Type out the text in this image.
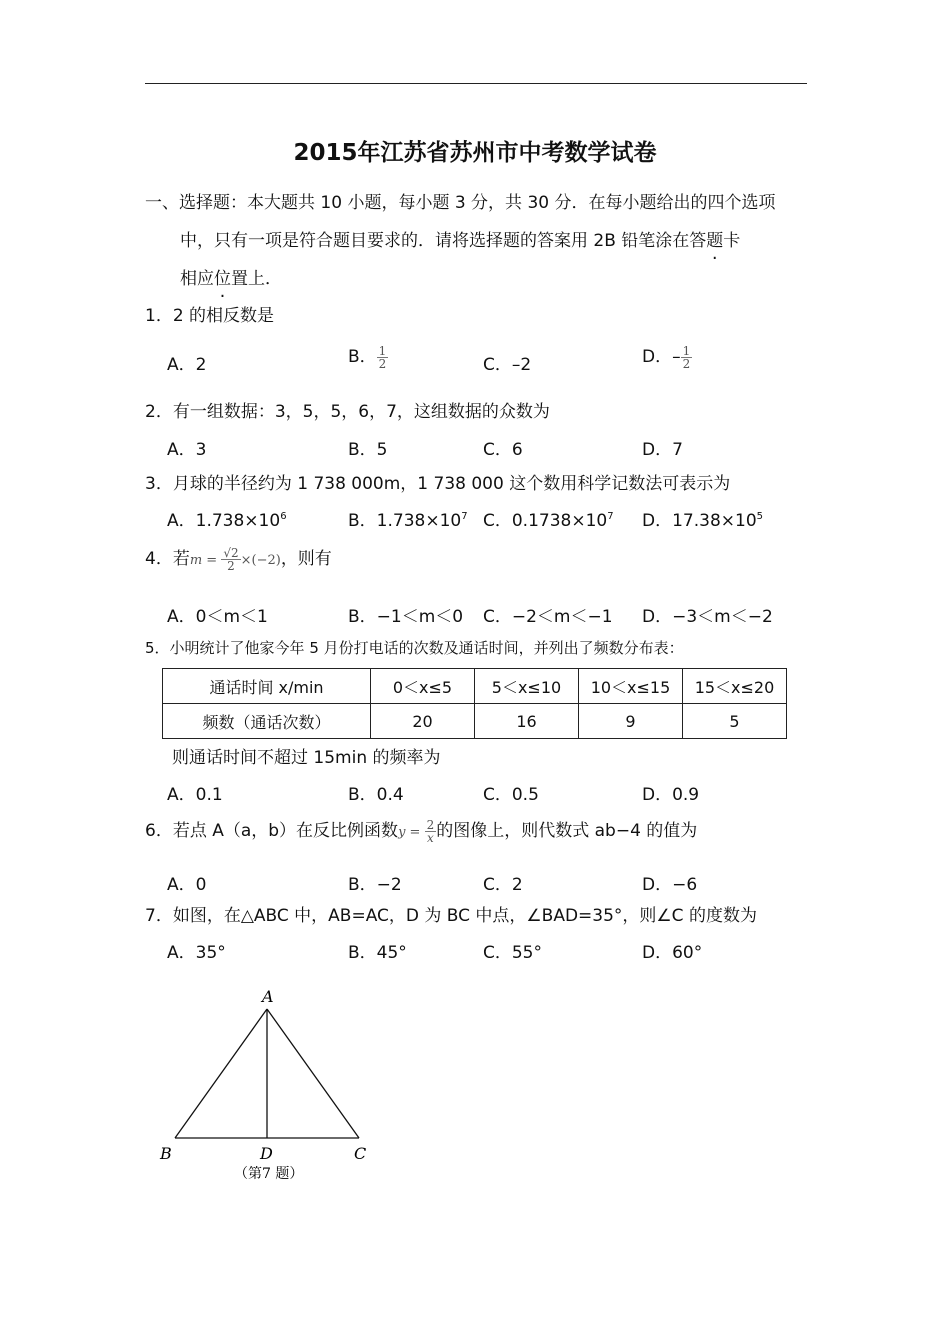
2015年江苏省苏州市中考数学试卷
一、选择题：本大题共 10 小题，每小题 3 分，共 30 分．在每小题给出的四个选项
中，只有一项是符合题目要求的．请将选择题的答案用 2B 铅笔涂在答题卡
相应位置上 .．
1．2 的相反数是
A．2	B． $\frac{1}{2}$	C．–2	D．– $\frac{1}{2}$
2．有一组数据：3，5，5，6，7，这组数据的众数为
A．3	B．5	C．6	D．7
3．月球的半径约为 1 738 000m，1 738 000 这个数用科学记数法可表示为
A．$1.738\times 10^6$	B．$1.738\times 10^7$ C．$0.1738\times 10^7$ D．$17.38\times 10^5$
4．若$m = \frac{√2}{2} \times(-2)$，则有
A．0＜m＜1	B．−1＜m＜0 C．−2＜m＜−1 D．−3＜m＜−2
5．小明统计了他家今年 5 月份打电话的次数及通话时间，并列出了频数分布表：
通话时间 x/min	0＜x≤5	5＜x≤10	10＜x≤15	15＜x≤20
频数（通话次数）	20	16	9	5
则通话时间不超过 15min 的频率为
A．0.1	B．0.4	C．0.5	D．0.9
6．若点 A（a，b）在反比例函数$y = \frac{2}{x}$ 的图像上，则代数式 ab−4 的值为
A．0	B．−2	C．2	D．−6
7．如图，在△ABC 中，AB=AC，D 为 BC 中点，∠BAD=35°，则∠C 的度数为
A．35°	B．45°	C．55°	D．60°
A
B	C
D
（第7 题）
